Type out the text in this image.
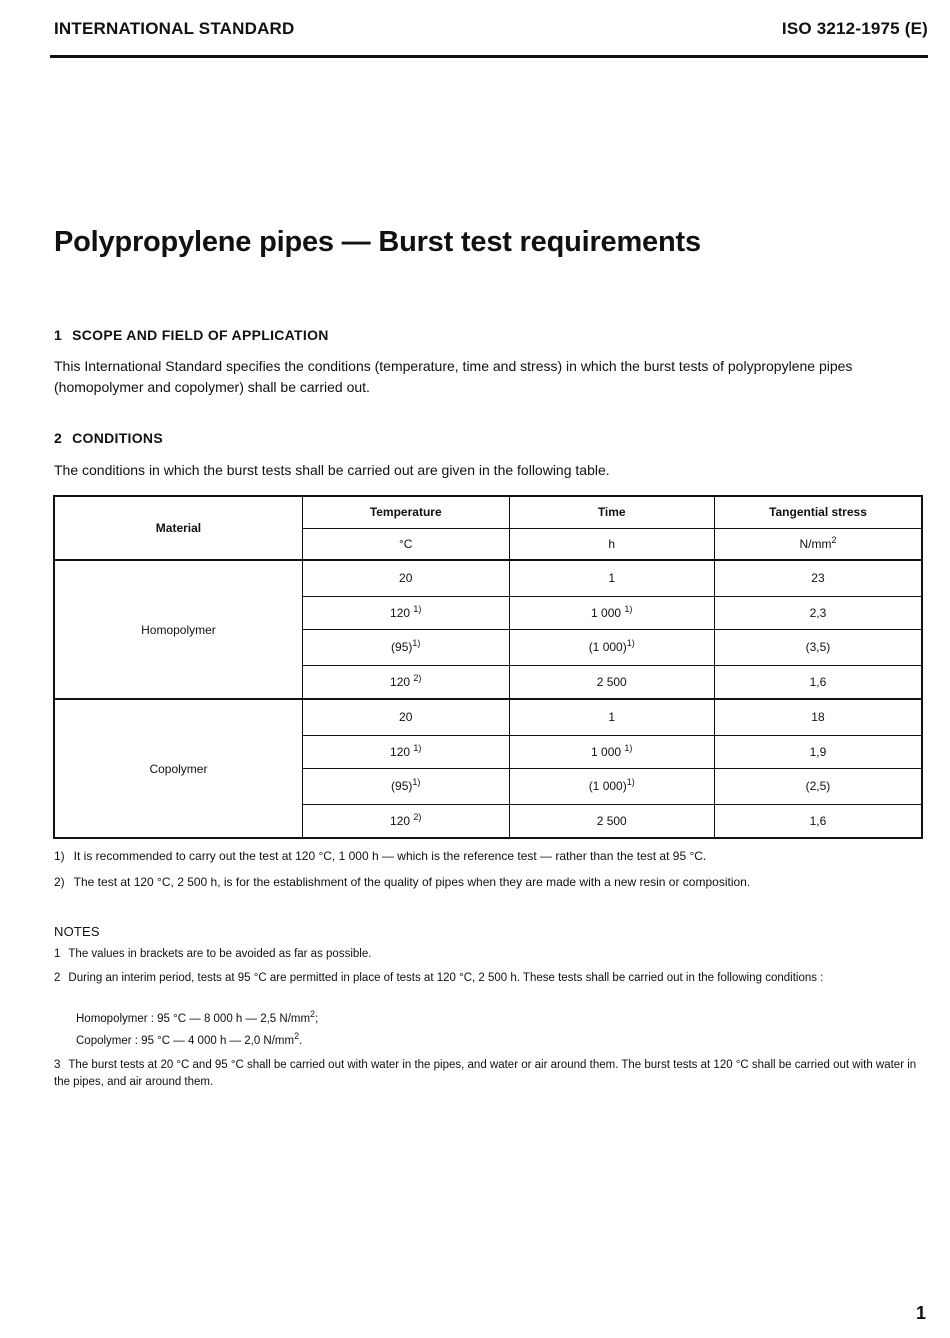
INTERNATIONAL STANDARD	ISO 3212-1975 (E)
Polypropylene pipes — Burst test requirements
1 SCOPE AND FIELD OF APPLICATION
This International Standard specifies the conditions (temperature, time and stress) in which the burst tests of polypropylene pipes (homopolymer and copolymer) shall be carried out.
2 CONDITIONS
The conditions in which the burst tests shall be carried out are given in the following table.
Material	Temperature	Time	Tangential stress
	°C	h	$N/mm^2$
Homopolymer	20	1	23
	120 $^{1)}$	1 000 $^{1)}$	2,3
	$(95)^{1)}$	(1 000)$^{1)}$	(3,5)
	120 $^{2)}$	2 500	1,6
Copolymer	20	1	18
	120 $^{1)}$	1 000 $^{1)}$	1,9
	$(95)^{1)}$	(1 000)$^{1)}$	(2,5)
	120 $^{2)}$	2 500	1,6
1) It is recommended to carry out the test at 120 °C, 1 000 h — which is the reference test — rather than the test at 95 °C.
2) The test at 120 °C, 2 500 h, is for the establishment of the quality of pipes when they are made with a new resin or composition.
NOTES
1 The values in brackets are to be avoided as far as possible.
2 During an interim period, tests at 95 °C are permitted in place of tests at 120 °C, 2 500 h. These tests shall be carried out in the following conditions :
Homopolymer : 95 °C — 8 000 h — 2,5 $N/mm^2$;
Copolymer : 95 °C — 4 000 h — 2,0 $N/mm^2$.
3 The burst tests at 20 °C and 95 °C shall be carried out with water in the pipes, and water or air around them. The burst tests at 120 °C shall be carried out with water in the pipes, and air around them.
1
